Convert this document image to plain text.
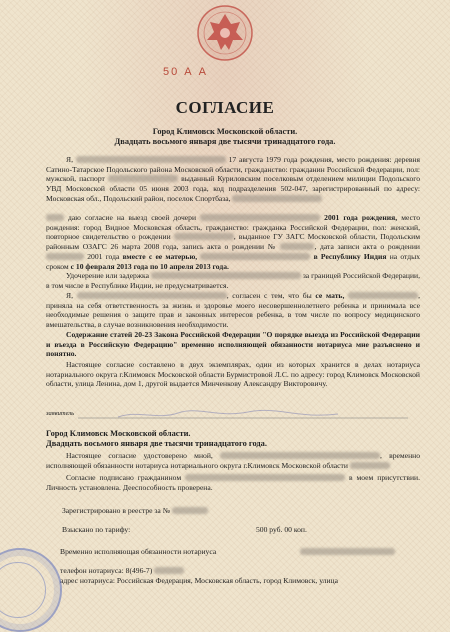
50 А А
СОГЛАСИЕ
Город Климовск Московской области.
Двадцать восьмого января две тысячи тринадцатого года.
Я,	17 августа 1979 года рождения, место рождения: деревня Сатино-Татарское Подольского района Московской области, гражданство: гражданин Российской Федерации, пол: мужской, паспорт	выданный Куриловским поселковым отделением милиции Подольского УВД Московской области 05 июня 2003 года, код подразделения 502-047, зарегистрированный по адресу: Московская обл., Подольский район, поселок Спортбаза,
даю согласие на выезд своей дочери	2001 года рождения, место рождения: город Видное Московская область, гражданство: гражданка Российской Федерации, пол: женский, повторное свидетельство о рождении	, выданное ГУ ЗАГС Московской области, Подольским районным ОЗАГС 26 марта 2008 года, запись акта о рождении №	, дата записи акта о рождении  2001 года вместе с ее матерью,	в Республику Индия на отдых сроком с 10 февраля 2013 года по 10 апреля 2013 года.
Удочерение или задержка	за границей Российской Федерации, в том числе в Республике Индии, не предусматривается.
Я,	, согласен с тем, что бы се мать,	, приняла на себя ответственность за жизнь и здоровье моего несовершеннолетнего ребенка и принимала все необходимые решения о защите прав и законных интересов ребенка, в том числе по вопросу медицинского вмешательства, в случае возникновения необходимости.
Содержание статей 20-23 Закона Российской Федерации "О порядке выезда из Российской Федерации и въезда в Российскую Федерацию" временно исполняющей обязанности нотариуса мне разъяснено и понятно.
Настоящее согласие составлено в двух экземплярах, один из которых хранится в делах нотариуса нотариального округа г.Климовск Московской области Бурмистровой Л.С. по адресу: город Климовск Московской области, улица Ленина, дом 1, другой выдается Минченкову Александру Викторовичу.
заявитель
Город Климовск Московской области.
Двадцать восьмого января две тысячи тринадцатого года.
Настоящее согласие удостоверено мной,	, временно исполняющей обязанности нотариуса нотариального округа г.Климовск Московской области
Согласие подписано гражданином	в моем присутствии. Личность установлена. Дееспособность проверена.
Зарегистрировано в реестре за №
Взыскано по тарифу:	500 руб. 00 коп.
Временно исполняющая обязанности нотариуса
телефон нотариуса: 8(496-7)
адрес нотариуса: Российская Федерация, Московская область, город Климовск, улица
